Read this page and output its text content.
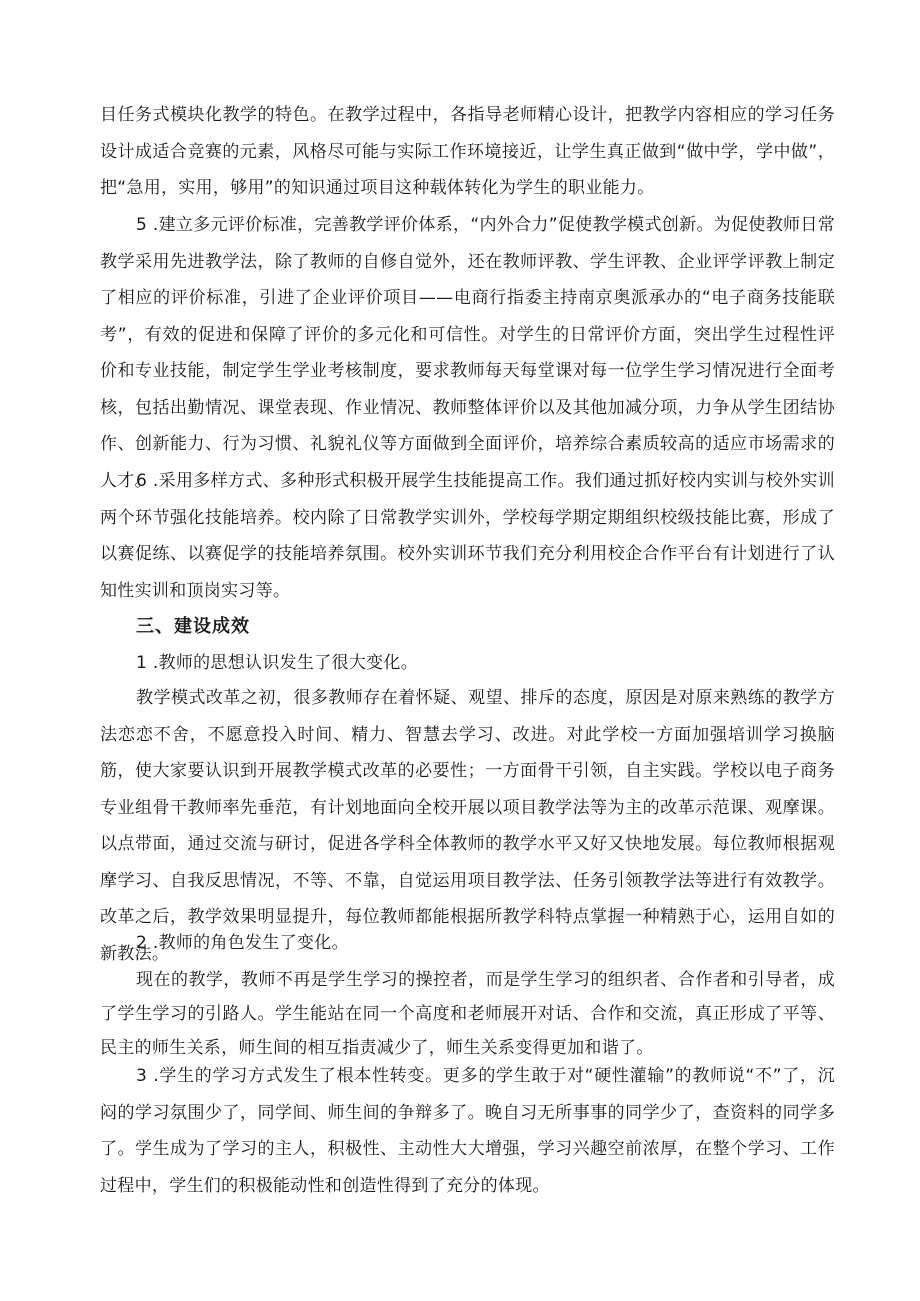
目任务式模块化教学的特色。在教学过程中，各指导老师精心设计，把教学内容相应的学习任务设计成适合竞赛的元素，风格尽可能与实际工作环境接近，让学生真正做到“做中学，学中做”，把“急用，实用，够用”的知识通过项目这种载体转化为学生的职业能力。

5 .建立多元评价标准，完善教学评价体系，“内外合力”促使教学模式创新。为促使教师日常教学采用先进教学法，除了教师的自修自觉外，还在教师评教、学生评教、企业评学评教上制定了相应的评价标准，引进了企业评价项目——电商行指委主持南京奥派承办的“电子商务技能联考”，有效的促进和保障了评价的多元化和可信性。对学生的日常评价方面，突出学生过程性评价和专业技能，制定学生学业考核制度，要求教师每天每堂课对每一位学生学习情况进行全面考核，包括出勤情况、课堂表现、作业情况、教师整体评价以及其他加减分项，力争从学生团结协作、创新能力、行为习惯、礼貌礼仪等方面做到全面评价，培养综合素质较高的适应市场需求的人才。

6 .采用多样方式、多种形式积极开展学生技能提高工作。我们通过抓好校内实训与校外实训两个环节强化技能培养。校内除了日常教学实训外，学校每学期定期组织校级技能比赛，形成了以赛促练、以赛促学的技能培养氛围。校外实训环节我们充分利用校企合作平台有计划进行了认知性实训和顶岗实习等。

三、建设成效

1 .教师的思想认识发生了很大变化。

教学模式改革之初，很多教师存在着怀疑、观望、排斥的态度，原因是对原来熟练的教学方法恋恋不舍，不愿意投入时间、精力、智慧去学习、改进。对此学校一方面加强培训学习换脑筋，使大家要认识到开展教学模式改革的必要性；一方面骨干引领，自主实践。学校以电子商务专业组骨干教师率先垂范，有计划地面向全校开展以项目教学法等为主的改革示范课、观摩课。以点带面，通过交流与研讨，促进各学科全体教师的教学水平又好又快地发展。每位教师根据观摩学习、自我反思情况，不等、不靠，自觉运用项目教学法、任务引领教学法等进行有效教学。改革之后，教学效果明显提升，每位教师都能根据所教学科特点掌握一种精熟于心，运用自如的新教法。

2 .教师的角色发生了变化。

现在的教学，教师不再是学生学习的操控者，而是学生学习的组织者、合作者和引导者，成了学生学习的引路人。学生能站在同一个高度和老师展开对话、合作和交流，真正形成了平等、民主的师生关系，师生间的相互指责减少了，师生关系变得更加和谐了。

3 .学生的学习方式发生了根本性转变。更多的学生敢于对“硬性灌输”的教师说“不”了，沉闷的学习氛围少了，同学间、师生间的争辩多了。晚自习无所事事的同学少了，查资料的同学多了。学生成为了学习的主人，积极性、主动性大大增强，学习兴趣空前浓厚，在整个学习、工作过程中，学生们的积极能动性和创造性得到了充分的体现。
